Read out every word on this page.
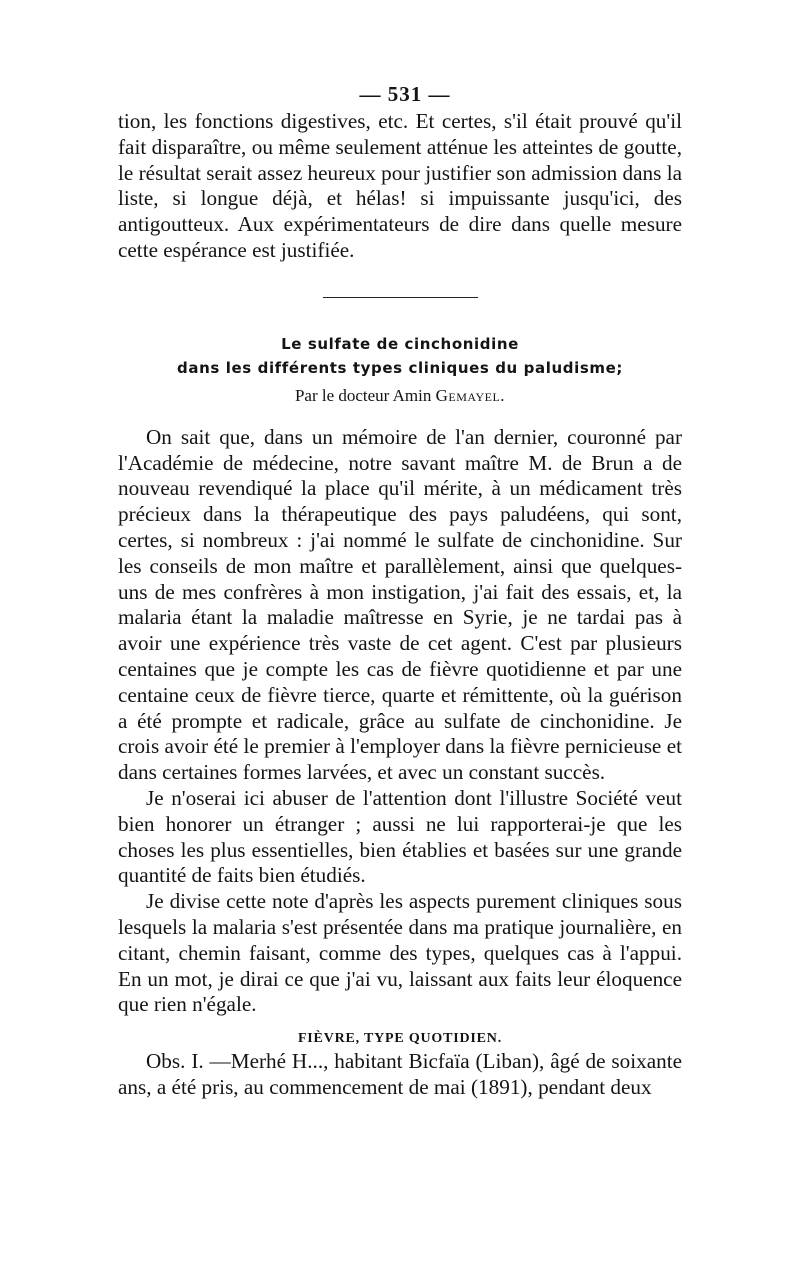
— 531 —

tion, les fonctions digestives, etc. Et certes, s'il était prouvé qu'il fait disparaître, ou même seulement atténue les atteintes de goutte, le résultat serait assez heureux pour justifier son admission dans la liste, si longue déjà, et hélas! si impuissante jusqu'ici, des antigoutteux. Aux expérimentateurs de dire dans quelle mesure cette espérance est justifiée.

Le sulfate de cinchonidine

dans les différents types cliniques du paludisme;

Par le docteur Amin Gemayel.

On sait que, dans un mémoire de l'an dernier, couronné par l'Académie de médecine, notre savant maître M. de Brun a de nouveau revendiqué la place qu'il mérite, à un médicament très précieux dans la thérapeutique des pays paludéens, qui sont, certes, si nombreux : j'ai nommé le sulfate de cinchonidine. Sur les conseils de mon maître et parallèlement, ainsi que quelques-uns de mes confrères à mon instigation, j'ai fait des essais, et, la malaria étant la maladie maîtresse en Syrie, je ne tardai pas à avoir une expérience très vaste de cet agent. C'est par plusieurs centaines que je compte les cas de fièvre quotidienne et par une centaine ceux de fièvre tierce, quarte et rémittente, où la guérison a été prompte et radicale, grâce au sulfate de cinchonidine. Je crois avoir été le premier à l'employer dans la fièvre pernicieuse et dans certaines formes larvées, et avec un constant succès.

Je n'oserai ici abuser de l'attention dont l'illustre Société veut bien honorer un étranger ; aussi ne lui rapporterai-je que les choses les plus essentielles, bien établies et basées sur une grande quantité de faits bien étudiés.

Je divise cette note d'après les aspects purement cliniques sous lesquels la malaria s'est présentée dans ma pratique journalière, en citant, chemin faisant, comme des types, quelques cas à l'appui. En un mot, je dirai ce que j'ai vu, laissant aux faits leur éloquence que rien n'égale.

FIÈVRE, TYPE QUOTIDIEN.

Obs. I. —Merhé H..., habitant Bicfaïa (Liban), âgé de soixante ans, a été pris, au commencement de mai (1891), pendant deux
